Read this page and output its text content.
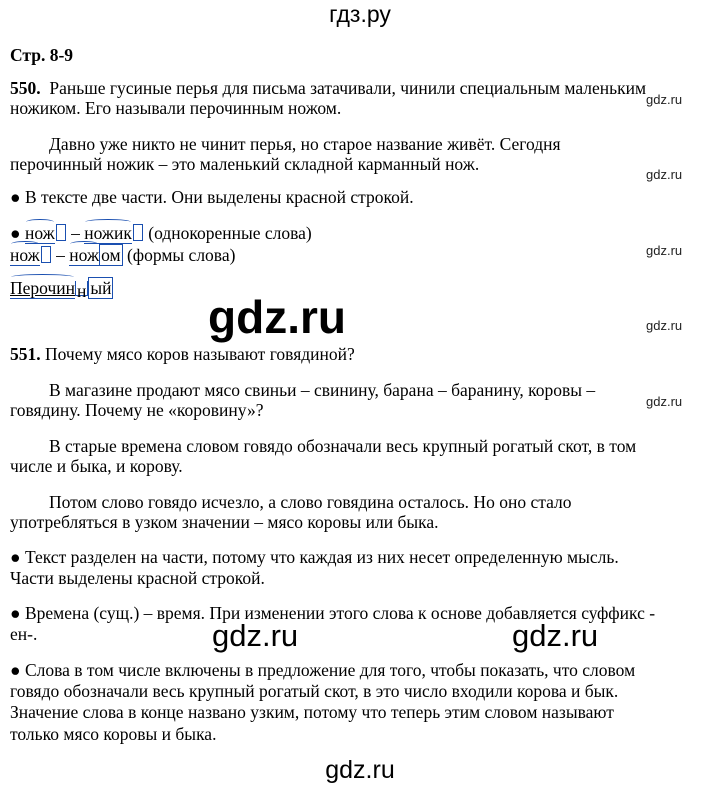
гдз.ру
Стр. 8-9
550. Раньше гусиные перья для письма затачивали, чинили специальным маленьким
ножиком. Его называли перочинным ножом.
Давно уже никто не чинит перья, но старое название живёт. Сегодня
перочинный ножик – это маленький складной карманный нож.
● В тексте две части. Они выделены красной строкой.
● нож – ножик (однокоренные слова)
нож – нож ом (формы слова)
Перочин н ый
551. Почему мясо коров называют говядиной?
В магазине продают мясо свиньи – свинину, барана – баранину, коровы –
говядину. Почему не «коровину»?
В старые времена словом говядо обозначали весь крупный рогатый скот, в том
числе и быка, и корову.
Потом слово говядо исчезло, а слово говядина осталось. Но оно стало
употребляться в узком значении – мясо коровы или быка.
● Текст разделен на части, потому что каждая из них несет определенную мысль.
Части выделены красной строкой.
● Времена (сущ.) – время. При изменении этого слова к основе добавляется суффикс -
ен-.
● Слова в том числе включены в предложение для того, чтобы показать, что словом
говядо обозначали весь крупный рогатый скот, в это число входили корова и бык.
Значение слова в конце названо узким, потому что теперь этим словом называют
только мясо коровы и быка.
gdz.ru
gdz.ru
gdz.ru
gdz.ru
gdz.ru
gdz.ru
gdz.ru	gdz.ru
gdz.ru
